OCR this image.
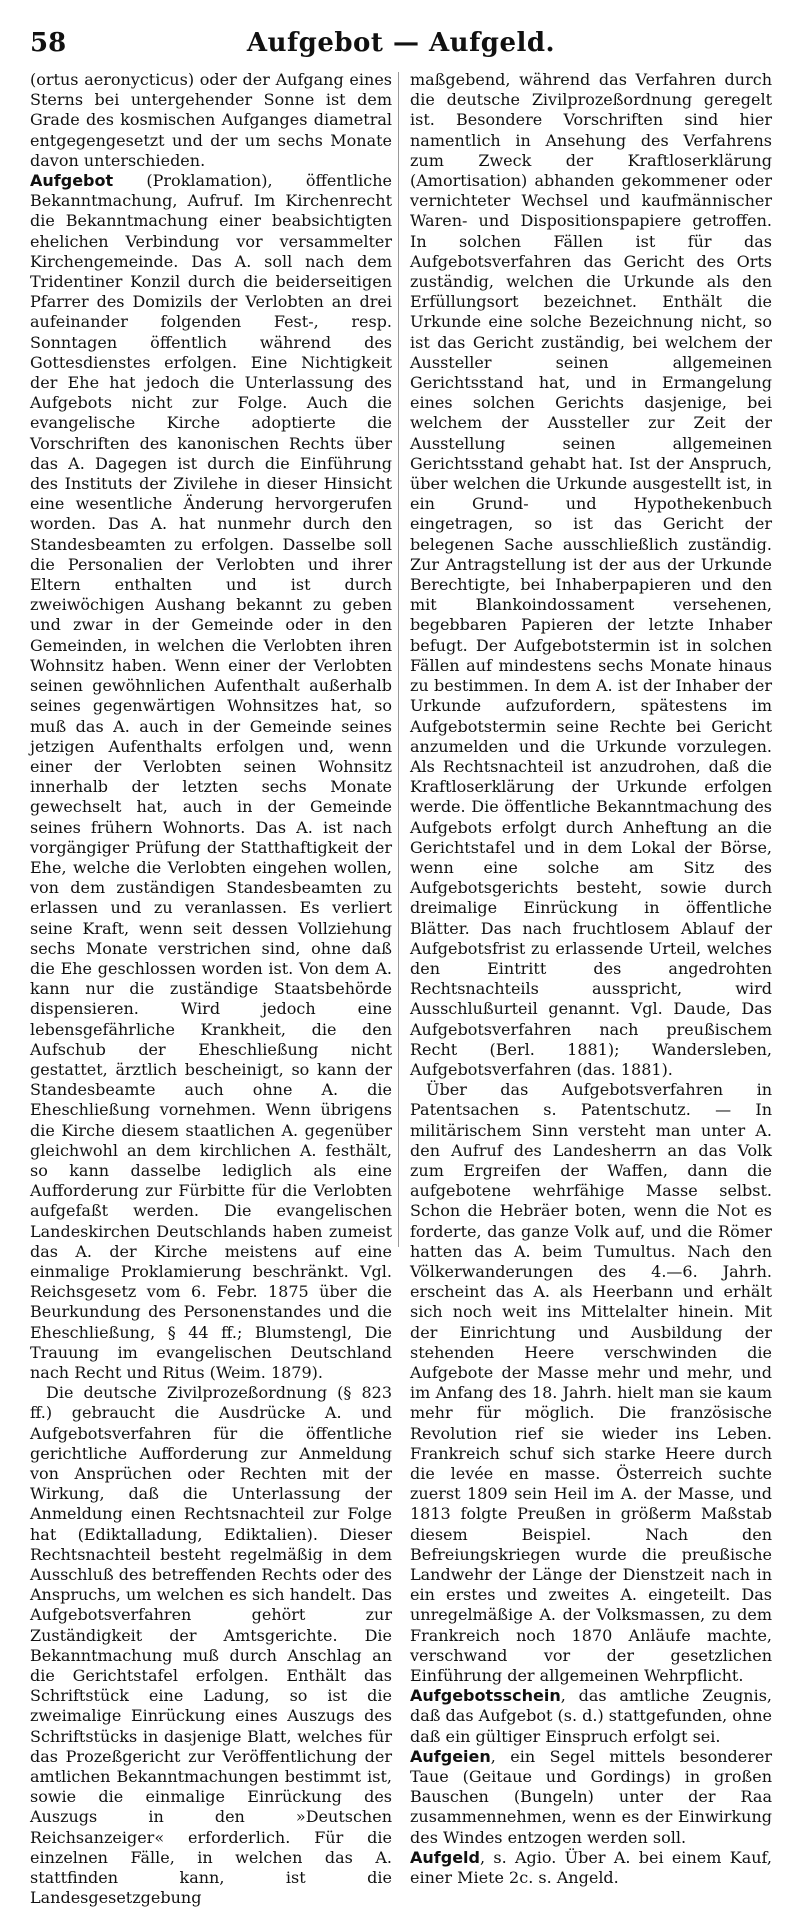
58	Aufgebot — Aufgeld.

(ortus aeronycticus) oder der Aufgang eines Sterns bei untergehender Sonne ist dem Grade des kosmischen Aufganges diametral entgegengesetzt und der um sechs Monate davon unterschieden.

Aufgebot (Proklamation), öffentliche Bekanntmachung, Aufruf. Im Kirchenrecht die Bekanntmachung einer beabsichtigten ehelichen Verbindung vor versammelter Kirchengemeinde. Das A. soll nach dem Tridentiner Konzil durch die beiderseitigen Pfarrer des Domizils der Verlobten an drei aufeinander folgenden Fest-, resp. Sonntagen öffentlich während des Gottesdienstes erfolgen. Eine Nichtigkeit der Ehe hat jedoch die Unterlassung des Aufgebots nicht zur Folge. Auch die evangelische Kirche adoptierte die Vorschriften des kanonischen Rechts über das A. Dagegen ist durch die Einführung des Instituts der Zivilehe in dieser Hinsicht eine wesentliche Änderung hervorgerufen worden. Das A. hat nunmehr durch den Standesbeamten zu erfolgen. Dasselbe soll die Personalien der Verlobten und ihrer Eltern enthalten und ist durch zweiwöchigen Aushang bekannt zu geben und zwar in der Gemeinde oder in den Gemeinden, in welchen die Verlobten ihren Wohnsitz haben. Wenn einer der Verlobten seinen gewöhnlichen Aufenthalt außerhalb seines gegenwärtigen Wohnsitzes hat, so muß das A. auch in der Gemeinde seines jetzigen Aufenthalts erfolgen und, wenn einer der Verlobten seinen Wohnsitz innerhalb der letzten sechs Monate gewechselt hat, auch in der Gemeinde seines frühern Wohnorts. Das A. ist nach vorgängiger Prüfung der Statthaftigkeit der Ehe, welche die Verlobten eingehen wollen, von dem zuständigen Standesbeamten zu erlassen und zu veranlassen. Es verliert seine Kraft, wenn seit dessen Vollziehung sechs Monate verstrichen sind, ohne daß die Ehe geschlossen worden ist. Von dem A. kann nur die zuständige Staatsbehörde dispensieren. Wird jedoch eine lebensgefährliche Krankheit, die den Aufschub der Eheschließung nicht gestattet, ärztlich bescheinigt, so kann der Standesbeamte auch ohne A. die Eheschließung vornehmen. Wenn übrigens die Kirche diesem staatlichen A. gegenüber gleichwohl an dem kirchlichen A. festhält, so kann dasselbe lediglich als eine Aufforderung zur Fürbitte für die Verlobten aufgefaßt werden. Die evangelischen Landeskirchen Deutschlands haben zumeist das A. der Kirche meistens auf eine einmalige Proklamierung beschränkt. Vgl. Reichsgesetz vom 6. Febr. 1875 über die Beurkundung des Personenstandes und die Eheschließung, § 44 ff.; Blumstengl, Die Trauung im evangelischen Deutschland nach Recht und Ritus (Weim. 1879).

Die deutsche Zivilprozeßordnung (§ 823 ff.) gebraucht die Ausdrücke A. und Aufgebotsverfahren für die öffentliche gerichtliche Aufforderung zur Anmeldung von Ansprüchen oder Rechten mit der Wirkung, daß die Unterlassung der Anmeldung einen Rechtsnachteil zur Folge hat (Ediktalladung, Ediktalien). Dieser Rechtsnachteil besteht regelmäßig in dem Ausschluß des betreffenden Rechts oder des Anspruchs, um welchen es sich handelt. Das Aufgebotsverfahren gehört zur Zuständigkeit der Amtsgerichte. Die Bekanntmachung muß durch Anschlag an die Gerichtstafel erfolgen. Enthält das Schriftstück eine Ladung, so ist die zweimalige Einrückung eines Auszugs des Schriftstücks in dasjenige Blatt, welches für das Prozeßgericht zur Veröffentlichung der amtlichen Bekanntmachungen bestimmt ist, sowie die einmalige Einrückung des Auszugs in den »Deutschen Reichsanzeiger« erforderlich. Für die einzelnen Fälle, in welchen das A. stattfinden kann, ist die Landesgesetzgebung

maßgebend, während das Verfahren durch die deutsche Zivilprozeßordnung geregelt ist. Besondere Vorschriften sind hier namentlich in Ansehung des Verfahrens zum Zweck der Kraftloserklärung (Amortisation) abhanden gekommener oder vernichteter Wechsel und kaufmännischer Waren- und Dispositionspapiere getroffen. In solchen Fällen ist für das Aufgebotsverfahren das Gericht des Orts zuständig, welchen die Urkunde als den Erfüllungsort bezeichnet. Enthält die Urkunde eine solche Bezeichnung nicht, so ist das Gericht zuständig, bei welchem der Aussteller seinen allgemeinen Gerichtsstand hat, und in Ermangelung eines solchen Gerichts dasjenige, bei welchem der Aussteller zur Zeit der Ausstellung seinen allgemeinen Gerichtsstand gehabt hat. Ist der Anspruch, über welchen die Urkunde ausgestellt ist, in ein Grund- und Hypothekenbuch eingetragen, so ist das Gericht der belegenen Sache ausschließlich zuständig. Zur Antragstellung ist der aus der Urkunde Berechtigte, bei Inhaberpapieren und den mit Blankoindossament versehenen, begebbaren Papieren der letzte Inhaber befugt. Der Aufgebotstermin ist in solchen Fällen auf mindestens sechs Monate hinaus zu bestimmen. In dem A. ist der Inhaber der Urkunde aufzufordern, spätestens im Aufgebotstermin seine Rechte bei Gericht anzumelden und die Urkunde vorzulegen. Als Rechtsnachteil ist anzudrohen, daß die Kraftloserklärung der Urkunde erfolgen werde. Die öffentliche Bekanntmachung des Aufgebots erfolgt durch Anheftung an die Gerichtstafel und in dem Lokal der Börse, wenn eine solche am Sitz des Aufgebotsgerichts besteht, sowie durch dreimalige Einrückung in öffentliche Blätter. Das nach fruchtlosem Ablauf der Aufgebotsfrist zu erlassende Urteil, welches den Eintritt des angedrohten Rechtsnachteils ausspricht, wird Ausschlußurteil genannt. Vgl. Daude, Das Aufgebotsverfahren nach preußischem Recht (Berl. 1881); Wandersleben, Aufgebotsverfahren (das. 1881).

Über das Aufgebotsverfahren in Patentsachen s. Patentschutz. — In militärischem Sinn versteht man unter A. den Aufruf des Landesherrn an das Volk zum Ergreifen der Waffen, dann die aufgebotene wehrfähige Masse selbst. Schon die Hebräer boten, wenn die Not es forderte, das ganze Volk auf, und die Römer hatten das A. beim Tumultus. Nach den Völkerwanderungen des 4.—6. Jahrh. erscheint das A. als Heerbann und erhält sich noch weit ins Mittelalter hinein. Mit der Einrichtung und Ausbildung der stehenden Heere verschwinden die Aufgebote der Masse mehr und mehr, und im Anfang des 18. Jahrh. hielt man sie kaum mehr für möglich. Die französische Revolution rief sie wieder ins Leben. Frankreich schuf sich starke Heere durch die levée en masse. Österreich suchte zuerst 1809 sein Heil im A. der Masse, und 1813 folgte Preußen in größerm Maßstab diesem Beispiel. Nach den Befreiungskriegen wurde die preußische Landwehr der Länge der Dienstzeit nach in ein erstes und zweites A. eingeteilt. Das unregelmäßige A. der Volksmassen, zu dem Frankreich noch 1870 Anläufe machte, verschwand vor der gesetzlichen Einführung der allgemeinen Wehrpflicht.

Aufgebotsschein, das amtliche Zeugnis, daß das Aufgebot (s. d.) stattgefunden, ohne daß ein gültiger Einspruch erfolgt sei.

Aufgeien, ein Segel mittels besonderer Taue (Geitaue und Gordings) in großen Bauschen (Bungeln) unter der Raa zusammennehmen, wenn es der Einwirkung des Windes entzogen werden soll.

Aufgeld, s. Agio. Über A. bei einem Kauf, einer Miete 2c. s. Angeld.
